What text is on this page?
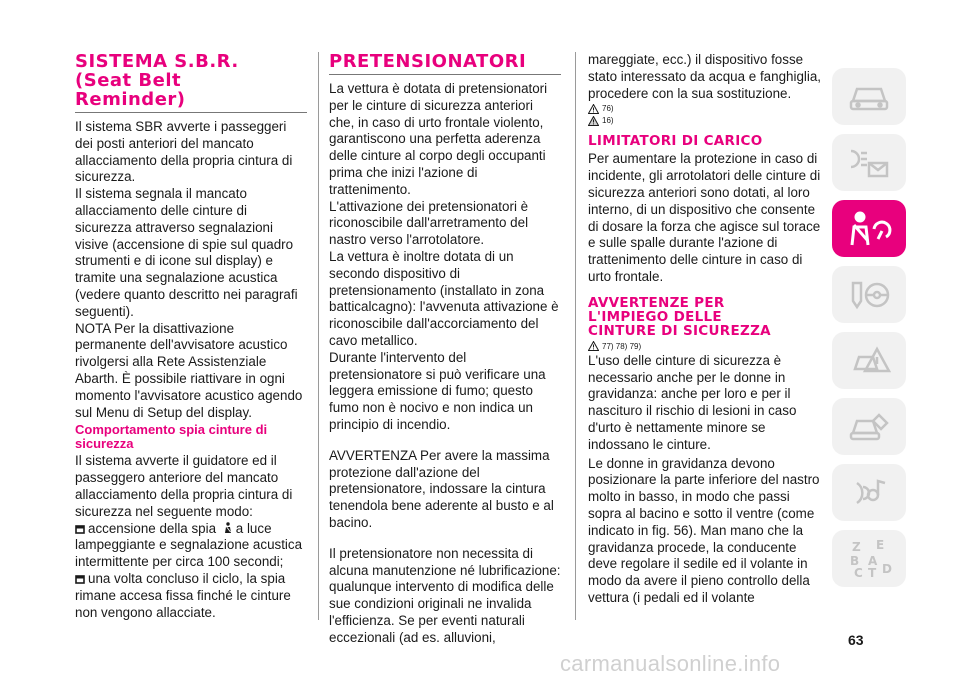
SISTEMA S.B.R.
(Seat Belt
Reminder)

Il sistema SBR avverte i passeggeri dei posti anteriori del mancato allacciamento della propria cintura di sicurezza.

Il sistema segnala il mancato allacciamento delle cinture di sicurezza attraverso segnalazioni visive (accensione di spie sul quadro strumenti e di icone sul display) e tramite una segnalazione acustica (vedere quanto descritto nei paragrafi seguenti).

NOTA Per la disattivazione permanente dell'avvisatore acustico rivolgersi alla Rete Assistenziale Abarth. È possibile riattivare in ogni momento l'avvisatore acustico agendo sul Menu di Setup del display.

Comportamento spia cinture di sicurezza

Il sistema avverte il guidatore ed il passeggero anteriore del mancato allacciamento della propria cintura di sicurezza nel seguente modo:

accensione della spia a luce lampeggiante e segnalazione acustica intermittente per circa 100 secondi;

una volta concluso il ciclo, la spia rimane accesa fissa finché le cinture non vengono allacciate.

PRETENSIONATORI

La vettura è dotata di pretensionatori per le cinture di sicurezza anteriori che, in caso di urto frontale violento, garantiscono una perfetta aderenza delle cinture al corpo degli occupanti prima che inizi l'azione di trattenimento.

L'attivazione dei pretensionatori è riconoscibile dall'arretramento del nastro verso l'arrotolatore.

La vettura è inoltre dotata di un secondo dispositivo di pretensionamento (installato in zona batticalcagno): l'avvenuta attivazione è riconoscibile dall'accorciamento del cavo metallico.

Durante l'intervento del pretensionatore si può verificare una leggera emissione di fumo; questo fumo non è nocivo e non indica un principio di incendio.

AVVERTENZA Per avere la massima protezione dall'azione del pretensionatore, indossare la cintura tenendola bene aderente al busto e al bacino.

Il pretensionatore non necessita di alcuna manutenzione né lubrificazione: qualunque intervento di modifica delle sue condizioni originali ne invalida l'efficienza. Se per eventi naturali eccezionali (ad es. alluvioni,

mareggiate, ecc.) il dispositivo fosse stato interessato da acqua e fanghiglia, procedere con la sua sostituzione.

76)
16)
LIMITATORI DI CARICO

Per aumentare la protezione in caso di incidente, gli arrotolatori delle cinture di sicurezza anteriori sono dotati, al loro interno, di un dispositivo che consente di dosare la forza che agisce sul torace e sulle spalle durante l'azione di trattenimento delle cinture in caso di urto frontale.

AVVERTENZE PER
L'IMPIEGO DELLE
CINTURE DI SICUREZZA
77) 78) 79)

L'uso delle cinture di sicurezza è necessario anche per le donne in gravidanza: anche per loro e per il nascituro il rischio di lesioni in caso d'urto è nettamente minore se indossano le cinture.

Le donne in gravidanza devono posizionare la parte inferiore del nastro molto in basso, in modo che passi sopra al bacino e sotto il ventre (come indicato in fig. 56). Man mano che la gravidanza procede, la conducente deve regolare il sedile ed il volante in modo da avere il pieno controllo della vettura (i pedali ed il volante

Z E
B A
C T D
63
carmanualsonline.info
